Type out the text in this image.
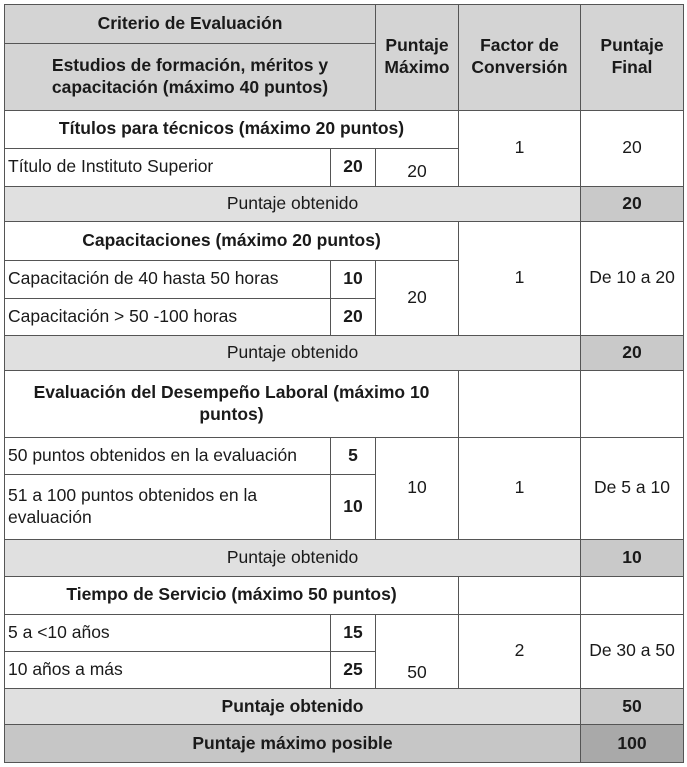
Criterio de Evaluación		Puntaje Máximo	Factor de Conversión	Puntaje Final
Estudios de formación, méritos y capacitación (máximo 40 puntos)				
Títulos para técnicos (máximo 20 puntos)			1	20
Título de Instituto Superior	20	20		
Puntaje obtenido				20
Capacitaciones (máximo 20 puntos)			1	De 10 a 20
Capacitación de 40 hasta 50 horas	10	20		
Capacitación > 50 -100 horas	20			
Puntaje obtenido				20
Evaluación del Desempeño Laboral (máximo 10 puntos)				
50 puntos obtenidos en la evaluación	5	10	1	De 5 a 10
51 a 100 puntos obtenidos en la evaluación	10			
Puntaje obtenido				10
Tiempo de Servicio (máximo 50 puntos)				
5 a <10 años	15	50	2	De 30 a 50
10 años a más	25			
Puntaje obtenido				50
Puntaje máximo posible				100
